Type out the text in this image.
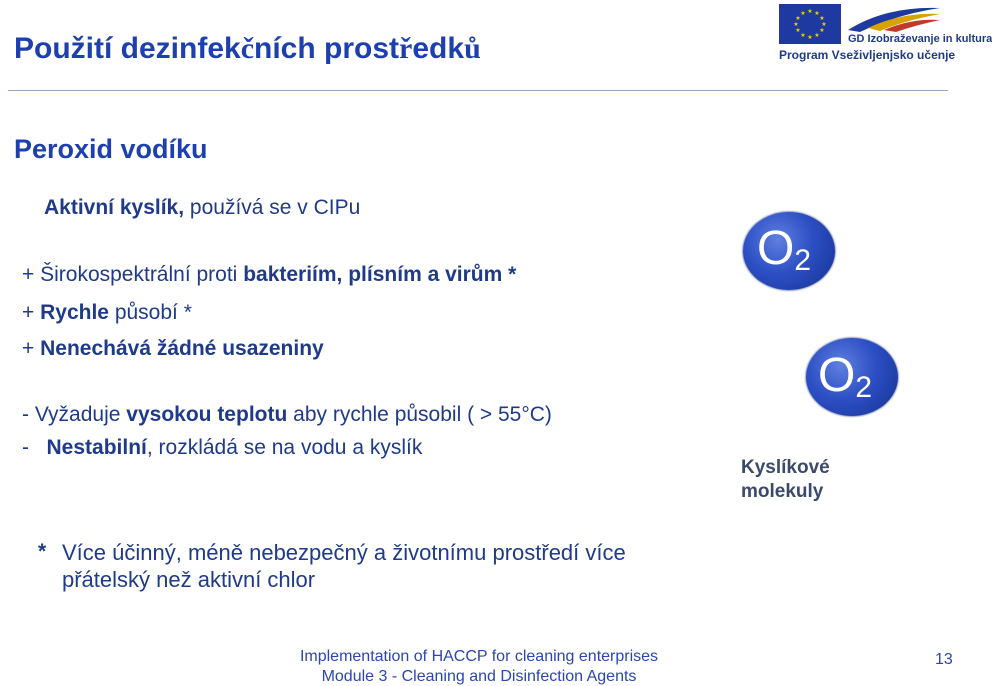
Použití dezinfekčních prostředků
★ ★
★
★
★
★
★
★
★
★
★
★
GD Izobraževanje in kultura
Program Vseživljenjsko učenje
Peroxid vodíku
Aktivní kyslík, používá se v CIPu
+ Širokospektrální proti bakteriím, plísním a virům *
+ Rychle působí *
+ Nenechává žádné usazeniny
- Vyžaduje vysokou teplotu aby rychle působil ( > 55°C)
-   Nestabilní, rozkládá se na vodu a kyslík
$O_2$
$O_2$
Kyslíkové
molekuly
* Více účinný, méně nebezpečný a životnímu prostředí více
přátelský než aktivní chlor
Implementation of HACCP for cleaning enterprises
Module 3 - Cleaning and Disinfection Agents
13
